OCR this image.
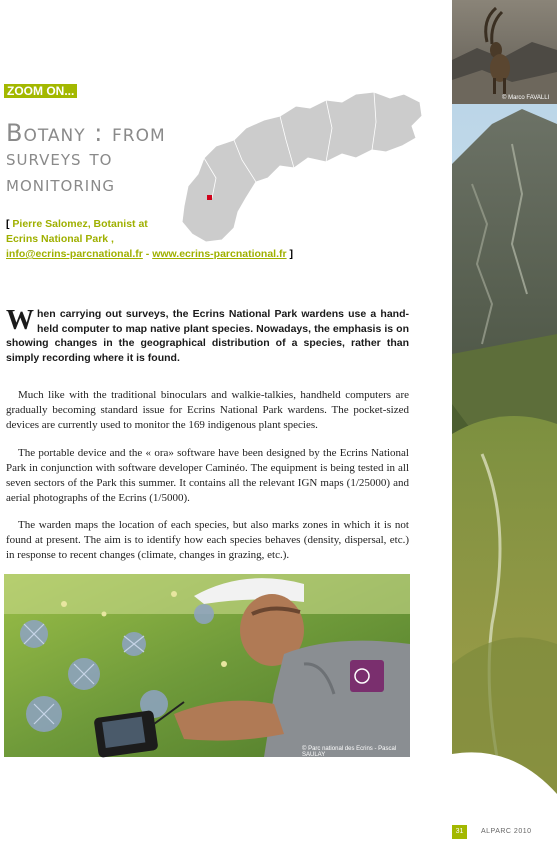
© Marco FAVALLI
© Parc national des Ecrins
ZOOM ON...
Botany : from
surveys to
monitoring
[ Pierre Salomez, Botanist at
Ecrins National Park ,
info@ecrins-parcnational.fr - www.ecrins-parcnational.fr ]
When carrying out surveys, the Ecrins National Park wardens use a hand-held computer to map native plant species. Nowadays, the emphasis is on showing changes in the geographical distribution of a species, rather than simply recording where it is found.

Much like with the traditional binoculars and walkie-talkies, handheld computers are gradually becoming standard issue for Ecrins National Park wardens. The pocket-sized devices are currently used to monitor the 169 indigenous plant species.

The portable device and the « ora» software have been designed by the Ecrins National Park in conjunction with software developer Caminéo. The equipment is being tested in all seven sectors of the Park this summer. It contains all the relevant IGN maps (1/25000) and aerial photographs of the Ecrins (1/5000).

The warden maps the location of each species, but also marks zones in which it is not found at present. The aim is to identify how each species behaves (density, dispersal, etc.) in response to recent changes (climate, changes in grazing, etc.).

© Parc national des Ecrins - Pascal SAULAY
31	ALPARC 2010
